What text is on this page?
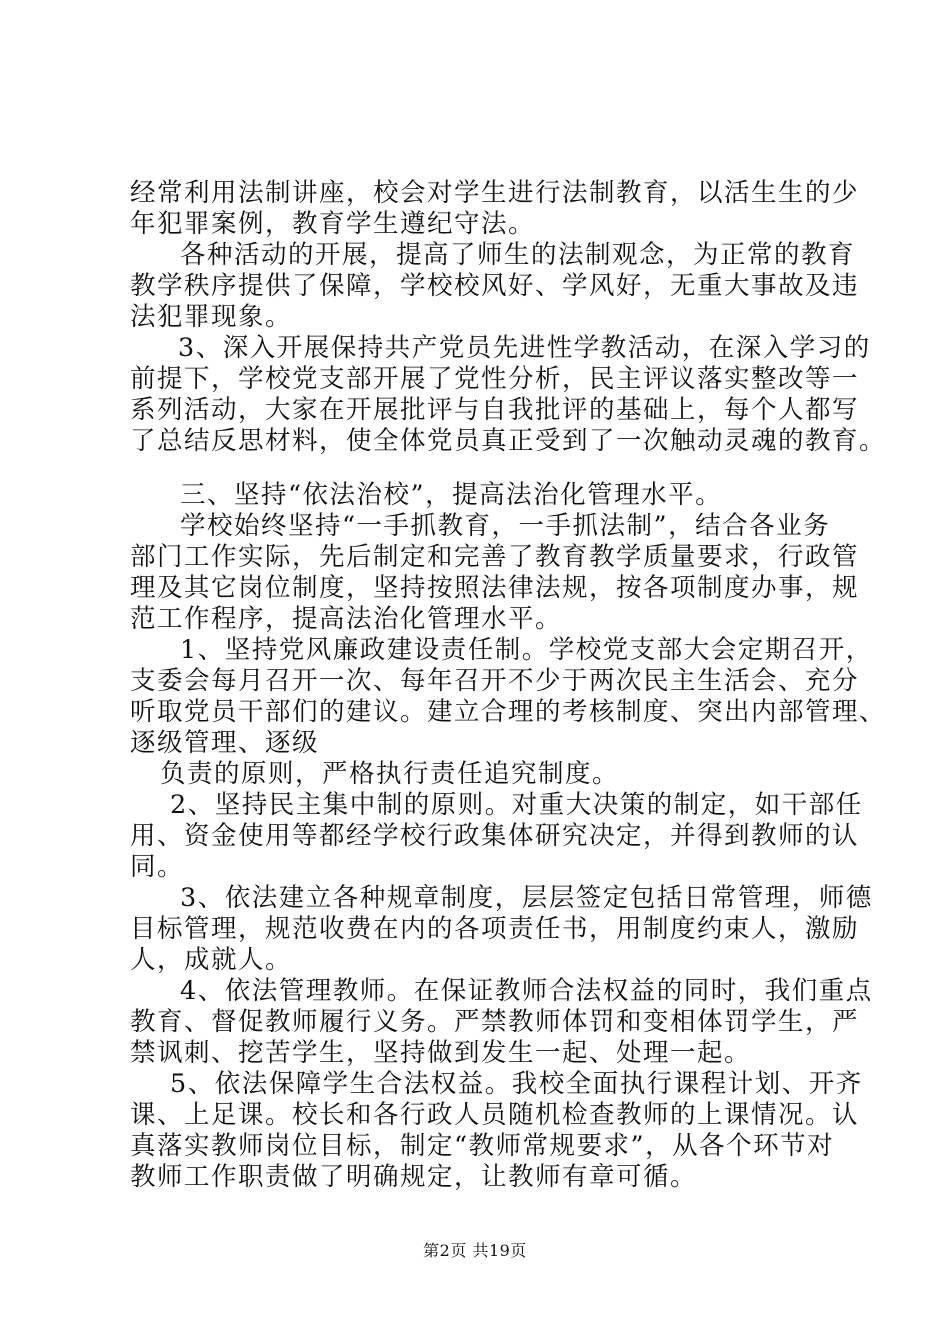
经常利用法制讲座，校会对学生进行法制教育，以活生生的少
年犯罪案例，教育学生遵纪守法。
各种活动的开展，提高了师生的法制观念，为正常的教育
教学秩序提供了保障，学校校风好、学风好，无重大事故及违
法犯罪现象。
3、深入开展保持共产党员先进性学教活动，在深入学习的
前提下，学校党支部开展了党性分析，民主评议落实整改等一
系列活动，大家在开展批评与自我批评的基础上，每个人都写
了总结反思材料，使全体党员真正受到了一次触动灵魂的教育。
三、坚持“依法治校”，提高法治化管理水平。
学校始终坚持“一手抓教育，一手抓法制”，结合各业务
部门工作实际，先后制定和完善了教育教学质量要求，行政管
理及其它岗位制度，坚持按照法律法规，按各项制度办事，规
范工作程序，提高法治化管理水平。
1、坚持党风廉政建设责任制。学校党支部大会定期召开，
支委会每月召开一次、每年召开不少于两次民主生活会、充分
听取党员干部们的建议。建立合理的考核制度、突出内部管理、
逐级管理、逐级
负责的原则，严格执行责任追究制度。
2、坚持民主集中制的原则。对重大决策的制定，如干部任
用、资金使用等都经学校行政集体研究决定，并得到教师的认
同。
3、依法建立各种规章制度，层层签定包括日常管理，师德
目标管理，规范收费在内的各项责任书，用制度约束人，激励
人，成就人。
4、依法管理教师。在保证教师合法权益的同时，我们重点
教育、督促教师履行义务。严禁教师体罚和变相体罚学生，严
禁讽刺、挖苦学生，坚持做到发生一起、处理一起。
5、依法保障学生合法权益。我校全面执行课程计划、开齐
课、上足课。校长和各行政人员随机检查教师的上课情况。认
真落实教师岗位目标，制定“教师常规要求”，从各个环节对
教师工作职责做了明确规定，让教师有章可循。
第2页 共19页
